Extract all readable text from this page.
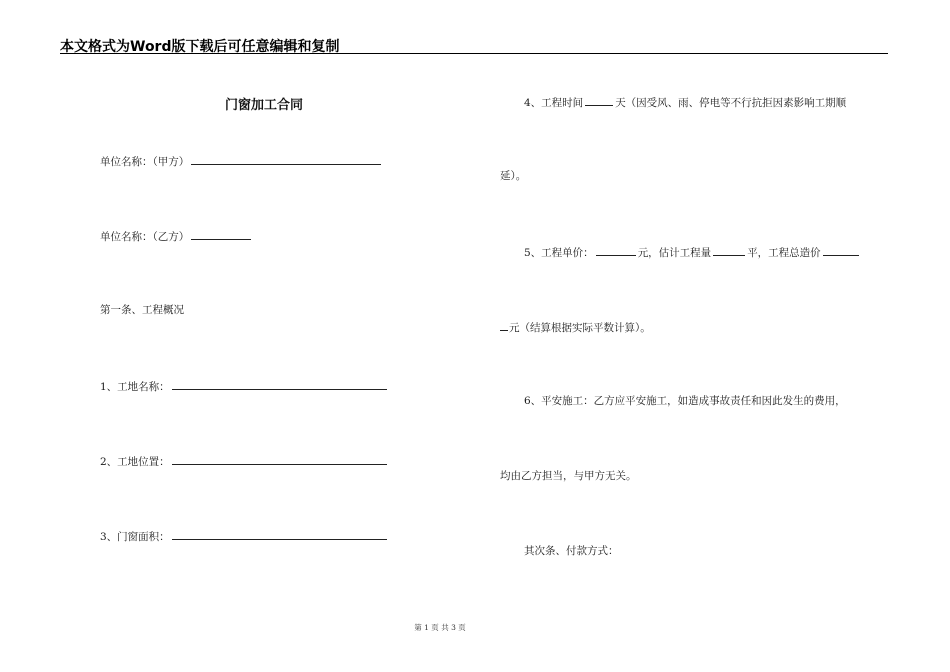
本文格式为Word版下载后可任意编辑和复制
门窗加工合同
单位名称：（甲方）
单位名称：（乙方）
第一条、工程概况
1、工地名称：
2、工地位置：
3、门窗面积：
4、工程时间	天（因受风、雨、停电等不行抗拒因素影响工期顺
延）。
5、工程单价：	元，估计工程量	平，工程总造价
元（结算根据实际平数计算）。
6、平安施工：乙方应平安施工，如造成事故责任和因此发生的费用，
均由乙方担当，与甲方无关。
其次条、付款方式：
第 1 页 共 3 页
